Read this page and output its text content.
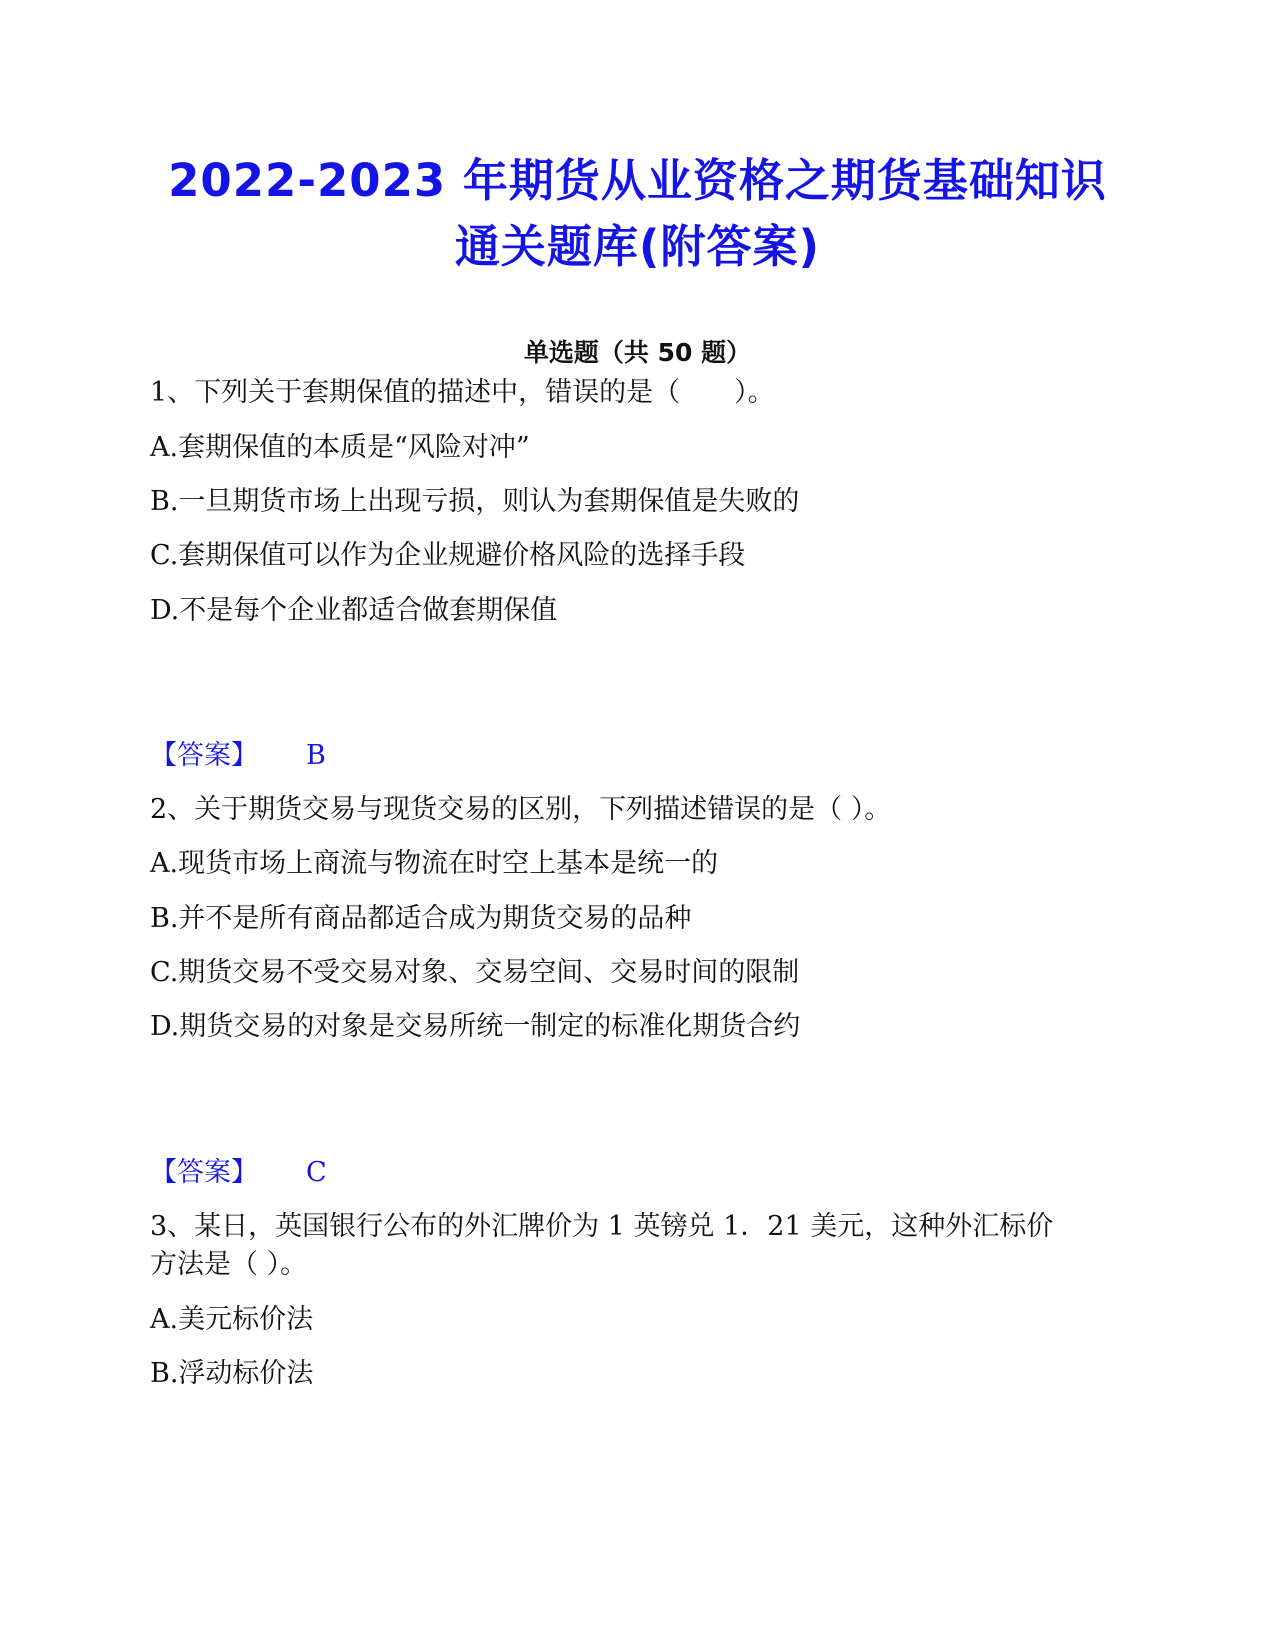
2022-2023 年期货从业资格之期货基础知识
通关题库(附答案)
单选题（共 50 题）
1、下列关于套期保值的描述中，错误的是（　　）。
A.套期保值的本质是“风险对冲”
B.一旦期货市场上出现亏损，则认为套期保值是失败的
C.套期保值可以作为企业规避价格风险的选择手段
D.不是每个企业都适合做套期保值
【答案】 B
2、关于期货交易与现货交易的区别，下列描述错误的是（ ）。
A.现货市场上商流与物流在时空上基本是统一的
B.并不是所有商品都适合成为期货交易的品种
C.期货交易不受交易对象、交易空间、交易时间的限制
D.期货交易的对象是交易所统一制定的标准化期货合约
【答案】 C
3、某日，英国银行公布的外汇牌价为 1 英镑兑 1．21 美元，这种外汇标价
方法是（ ）。
A.美元标价法
B.浮动标价法
